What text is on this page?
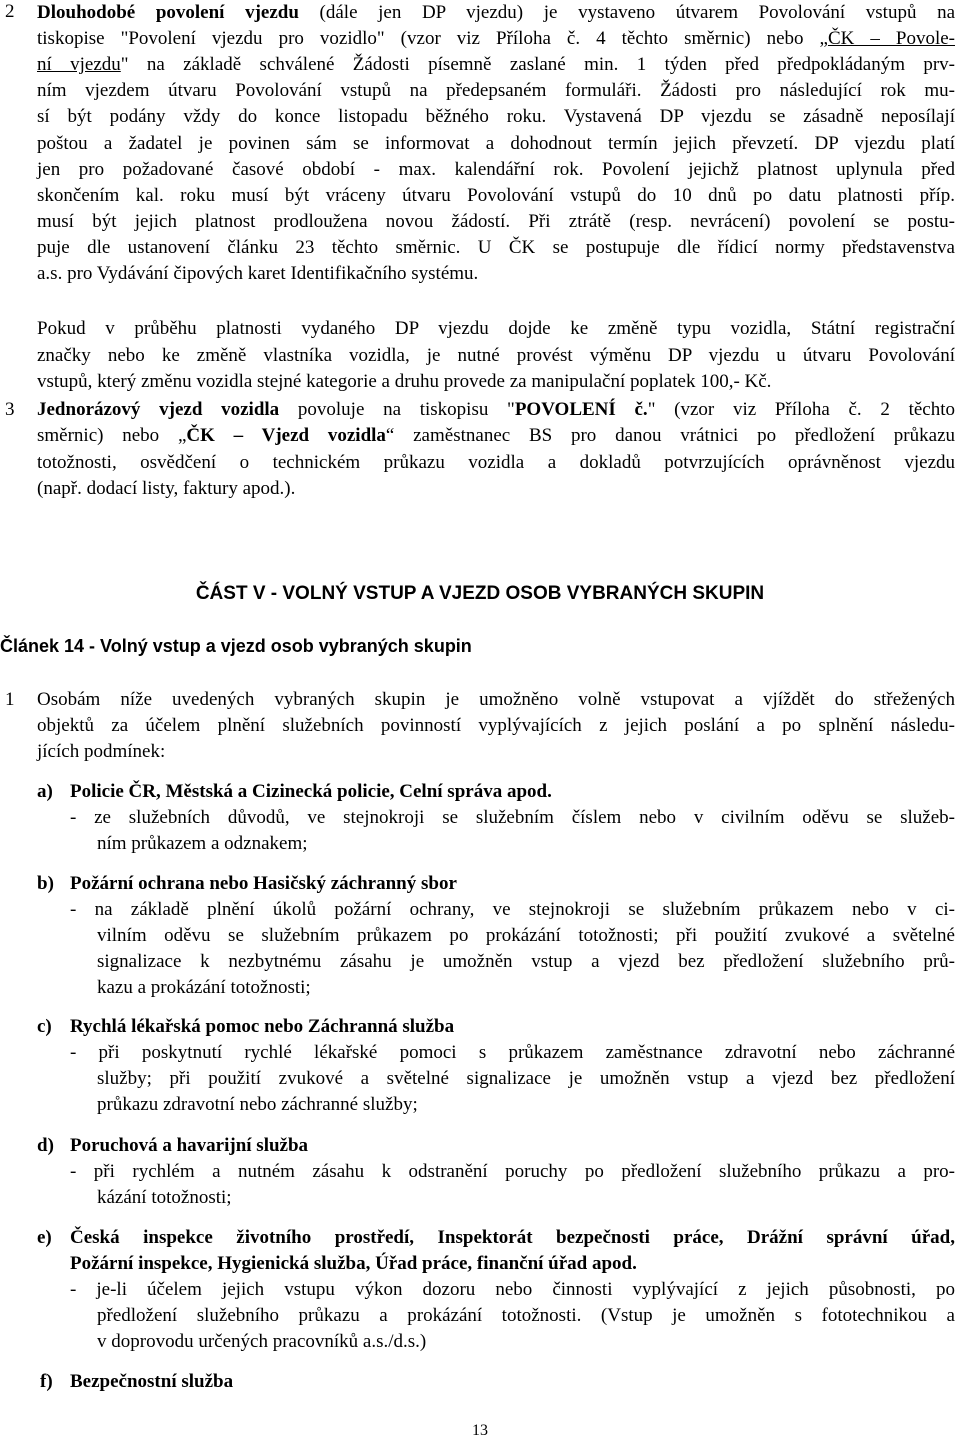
2 Dlouhodobé povolení vjezdu (dále jen DP vjezdu) je vystaveno útvarem Povolování vstupů na
tiskopise "Povolení vjezdu pro vozidlo" (vzor viz Příloha č. 4 těchto směrnic) nebo „ČK – Povole-
ní vjezdu" na základě schválené Žádosti písemně zaslané min. 1 týden před předpokládaným prv-
ním vjezdem útvaru Povolování vstupů na předepsaném formuláři. Žádosti pro následující rok mu-
sí být podány vždy do konce listopadu běžného roku. Vystavená DP vjezdu se zásadně neposílají
poštou a žadatel je povinen sám se informovat a dohodnout termín jejich převzetí. DP vjezdu platí
jen pro požadované časové období - max. kalendářní rok. Povolení jejichž platnost uplynula před
skončením kal. roku musí být vráceny útvaru Povolování vstupů do 10 dnů po datu platnosti příp.
musí být jejich platnost prodloužena novou žádostí. Při ztrátě (resp. nevrácení) povolení se postu-
puje dle ustanovení článku 23 těchto směrnic. U ČK se postupuje dle řídicí normy představenstva
a.s. pro Vydávání čipových karet Identifikačního systému.
Pokud v průběhu platnosti vydaného DP vjezdu dojde ke změně typu vozidla, Státní registrační
značky nebo ke změně vlastníka vozidla, je nutné provést výměnu DP vjezdu u útvaru Povolování
vstupů, který změnu vozidla stejné kategorie a druhu provede za manipulační poplatek 100,- Kč.
3 Jednorázový vjezd vozidla povoluje na tiskopisu "POVOLENÍ č." (vzor viz Příloha č. 2 těchto
směrnic) nebo „ČK – Vjezd vozidla“ zaměstnanec BS pro danou vrátnici po předložení průkazu
totožnosti, osvědčení o technickém průkazu vozidla a dokladů potvrzujících oprávněnost vjezdu
(např. dodací listy, faktury apod.).
ČÁST V - VOLNÝ VSTUP A VJEZD OSOB VYBRANÝCH SKUPIN
Článek 14 - Volný vstup a vjezd osob vybraných skupin
1 Osobám níže uvedených vybraných skupin je umožněno volně vstupovat a vjíždět do střežených
objektů za účelem plnění služebních povinností vyplývajících z jejich poslání a po splnění následu-
jících podmínek:
a) Policie ČR, Městská a Cizinecká policie, Celní správa apod.
- ze služebních důvodů, ve stejnokroji se služebním číslem nebo v civilním oděvu se služeb-
ním průkazem a odznakem;
b) Požární ochrana nebo Hasičský záchranný sbor
- na základě plnění úkolů požární ochrany, ve stejnokroji se služebním průkazem nebo v ci-
vilním oděvu se služebním průkazem po prokázání totožnosti; při použití zvukové a světelné
signalizace k nezbytnému zásahu je umožněn vstup a vjezd bez předložení služebního prů-
kazu a prokázání totožnosti;
c) Rychlá lékařská pomoc nebo Záchranná služba
- při poskytnutí rychlé lékařské pomoci s průkazem zaměstnance zdravotní nebo záchranné
služby; při použití zvukové a světelné signalizace je umožněn vstup a vjezd bez předložení
průkazu zdravotní nebo záchranné služby;
d) Poruchová a havarijní služba
- při rychlém a nutném zásahu k odstranění poruchy po předložení služebního průkazu a pro-
kázání totožnosti;
e) Česká inspekce životního prostředí, Inspektorát bezpečnosti práce, Drážní správní úřad,
Požární inspekce, Hygienická služba, Úřad práce, finanční úřad apod.
- je-li účelem jejich vstupu výkon dozoru nebo činnosti vyplývající z jejich působnosti, po
předložení služebního průkazu a prokázání totožnosti. (Vstup je umožněn s fototechnikou a
v doprovodu určených pracovníků a.s./d.s.)
f) Bezpečnostní služba
13
